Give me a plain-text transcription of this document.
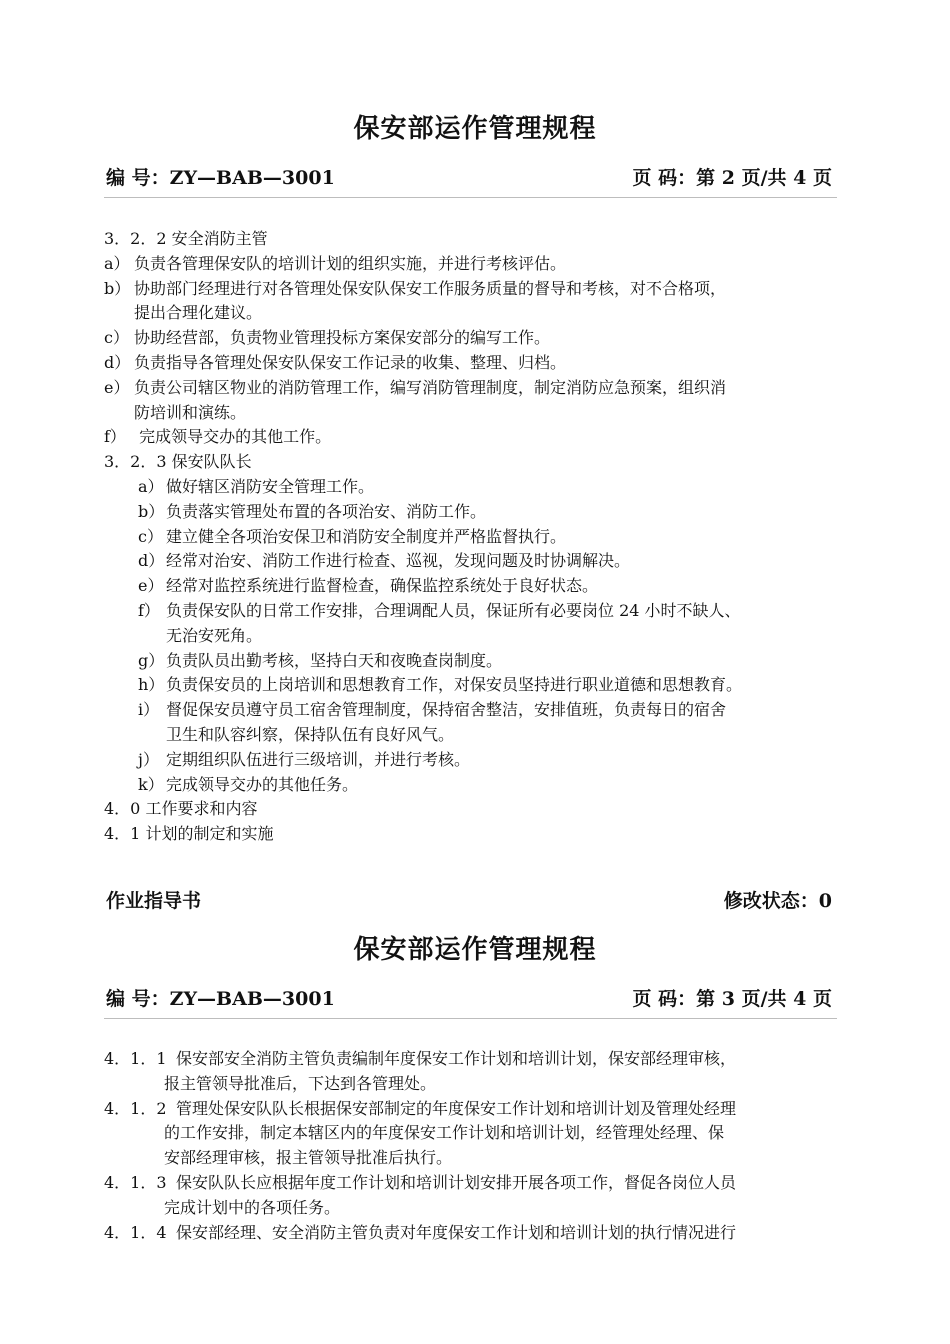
保安部运作管理规程
编 号：ZY—BAB—3001	页 码：第 2 页/共 4 页
3．2．2 安全消防主管
a） 负责各管理保安队的培训计划的组织实施，并进行考核评估。
b） 协助部门经理进行对各管理处保安队保安工作服务质量的督导和考核，对不合格项，
提出合理化建议。
c） 协助经营部，负责物业管理投标方案保安部分的编写工作。
d） 负责指导各管理处保安队保安工作记录的收集、整理、归档。
e） 负责公司辖区物业的消防管理工作，编写消防管理制度，制定消防应急预案，组织消
防培训和演练。
f） 完成领导交办的其他工作。
3．2．3 保安队队长
a） 做好辖区消防安全管理工作。
b） 负责落实管理处布置的各项治安、消防工作。
c） 建立健全各项治安保卫和消防安全制度并严格监督执行。
d） 经常对治安、消防工作进行检查、巡视，发现问题及时协调解决。
e） 经常对监控系统进行监督检查，确保监控系统处于良好状态。
f） 负责保安队的日常工作安排，合理调配人员，保证所有必要岗位 24 小时不缺人、
无治安死角。
g） 负责队员出勤考核，坚持白天和夜晚查岗制度。
h） 负责保安员的上岗培训和思想教育工作，对保安员坚持进行职业道德和思想教育。
i） 督促保安员遵守员工宿舍管理制度，保持宿舍整洁，安排值班，负责每日的宿舍
卫生和队容纠察，保持队伍有良好风气。
j） 定期组织队伍进行三级培训，并进行考核。
k） 完成领导交办的其他任务。
4．0 工作要求和内容
4．1 计划的制定和实施
作业指导书	修改状态：0
保安部运作管理规程
编 号：ZY—BAB—3001	页 码：第 3 页/共 4 页
4．1．1 保安部安全消防主管负责编制年度保安工作计划和培训计划，保安部经理审核，
报主管领导批准后，下达到各管理处。
4．1．2 管理处保安队队长根据保安部制定的年度保安工作计划和培训计划及管理处经理
的工作安排，制定本辖区内的年度保安工作计划和培训计划，经管理处经理、保
安部经理审核，报主管领导批准后执行。
4．1．3 保安队队长应根据年度工作计划和培训计划安排开展各项工作，督促各岗位人员
完成计划中的各项任务。
4．1．4 保安部经理、安全消防主管负责对年度保安工作计划和培训计划的执行情况进行
